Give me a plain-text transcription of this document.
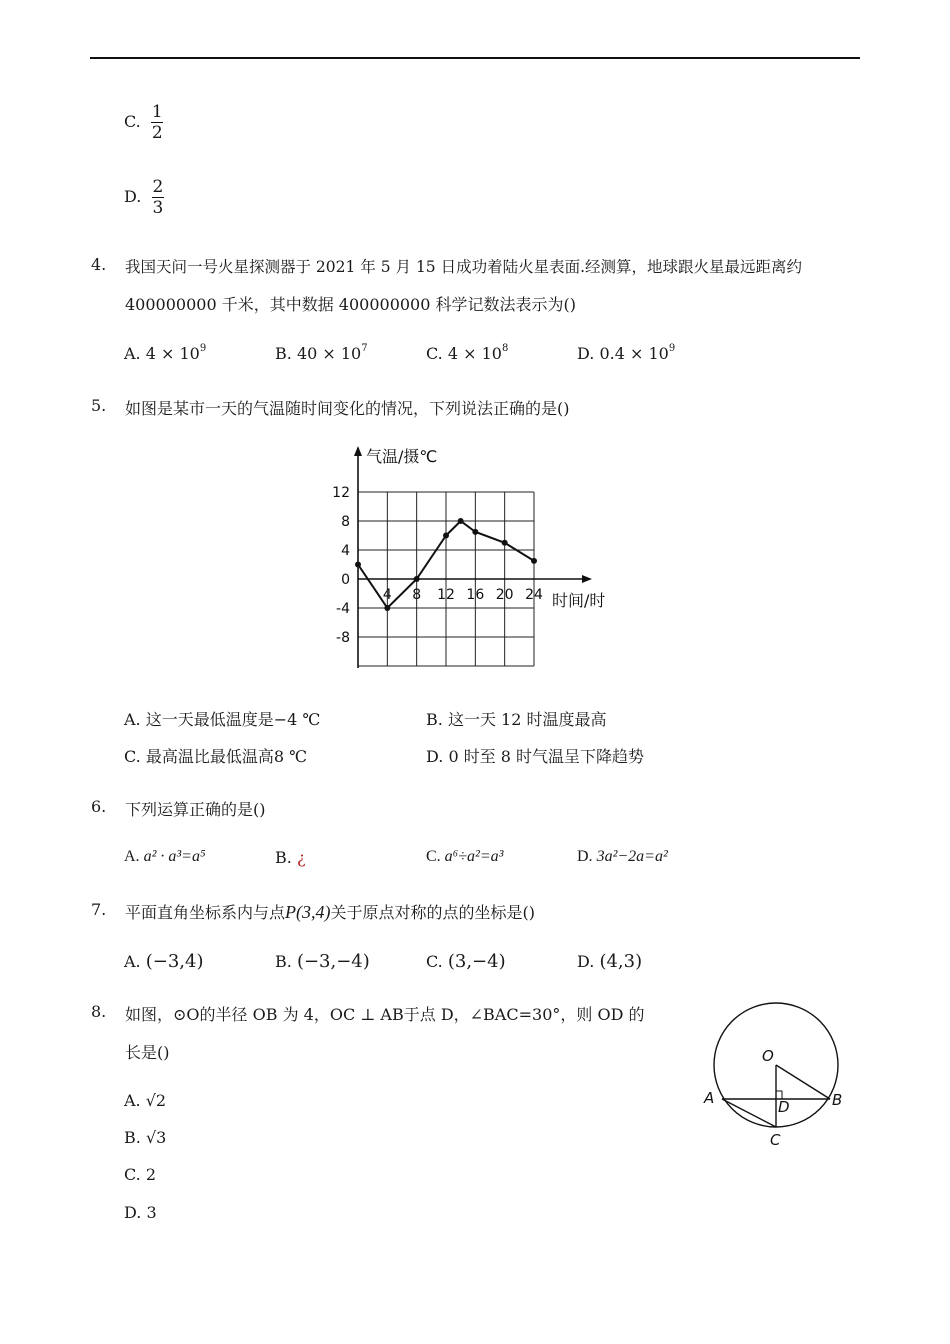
C. $\frac{1}{2}$
D. $\frac{2}{3}$
4. 我国天问一号火星探测器于 2021 年 5 月 15 日成功着陆火星表面.经测算，地球跟火星最远距离约
400000000 千米，其中数据 400000000 科学记数法表示为()
A. $4 \times 10^9$	B. $40 \times 10^7$	C. $4 \times 10^8$	D. $0.4 \times 10^9$
5. 如图是某市一天的气温随时间变化的情况，下列说法正确的是()
4 8 12 16 20 24
12
8
4
0
-4
-8
气温/摄℃
时间/时
A. 这一天最低温度是−4 ℃	B. 这一天 12 时温度最高
C. 最高温比最低温高8 ℃	D. 0 时至 8 时气温呈下降趋势
6. 下列运算正确的是()
A. a² · a³=a⁵	B. ¿	C. a⁶÷a²=a³	D. 3a²−2a=a²
7. 平面直角坐标系内与点P(3,4)关于原点对称的点的坐标是()
A. (−3,4)	B. (−3,−4)	C. (3,−4)	D. (4,3)
8. 如图，⊙O的半径 OB 为 4，OC ⊥ AB于点 D，∠BAC=30°，则 OD 的
长是()
A. √2
B. √3
C. 2
D. 3
O
A	B
C
D
